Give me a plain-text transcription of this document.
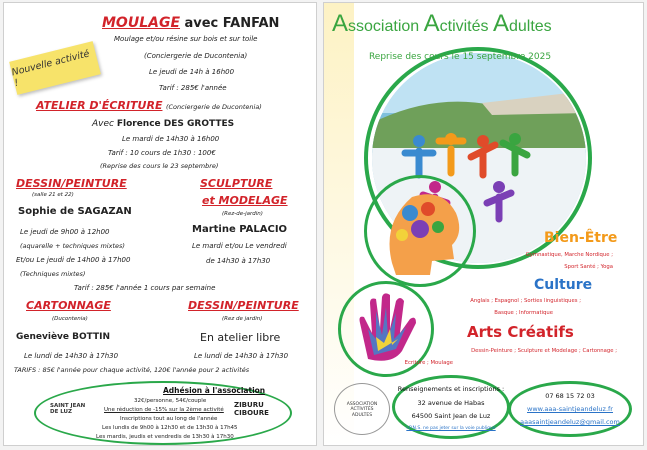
Nouvelle activité !
MOULAGE avec FANFAN
Moulage et/ou résine sur bois et sur toile
(Conciergerie de Ducontenia)
Le jeudi de 14h à 16h00
Tarif : 285€ l'année
ATELIER D'ÉCRITURE (Conciergerie de Ducontenia)
Avec Florence DES GROTTES
Le mardi de 14h30 à 16h00
Tarif : 10 cours de 1h30 : 100€
(Reprise des cours le 23 septembre)
DESSIN/PEINTURE
(salle 21 et 22)
Sophie de SAGAZAN
Le jeudi de 9h00 à 12h00
(aquarelle + techniques mixtes)
Et/ou Le jeudi de 14h00 à 17h00
(Techniques mixtes)
SCULPTURE
et MODELAGE
(Rez-de-jardin)
Martine PALACIO
Le mardi et/ou Le vendredi
de 14h30 à 17h30
Tarif : 285€ l'année 1 cours par semaine
CARTONNAGE
(Ducontenia)
Geneviève BOTTIN
Le lundi de 14h30 à 17h30
DESSIN/PEINTURE
(Rez de jardin)
En atelier libre
Le lundi de 14h30 à 17h30
TARIFS : 85€ l'année pour chaque activité, 120€ l'année pour 2 activités
Adhésion à l'association
32€/personne, 54€/couple
Une réduction de -15% sur la 2ème activité
Inscriptions tout au long de l'année
Les lundis de 9h00 à 12h30 et de 13h30 à 17h45
Les mardis, jeudis et vendredis de 13h30 à 17h30
SAINT JEAN DE LUZ
ZIBURU
CIBOURE
Association Activités Adultes
Reprise des cours le 15 septembre 2025
Bien-Être
Gymnastique, Marche Nordique ;
Sport Santé ; Yoga
Culture
Anglais ; Espagnol ; Sorties linguistiques ;
Basque ; Informatique
Arts Créatifs
Dessin-Peinture ; Sculpture et Modelage ; Cartonnage ;
Ecriture ; Moulage
ASSOCIATION ACTIVITÉS ADULTES
Renseignements et inscriptions :
32 avenue de Habas
64500 Saint Jean de Luz
I.P.N.S. ne pas jeter sur la voie publique
07 68 15 72 03
www.aaa-saintjeandeluz.fr
aaasaintjeandeluz@gmail.com
